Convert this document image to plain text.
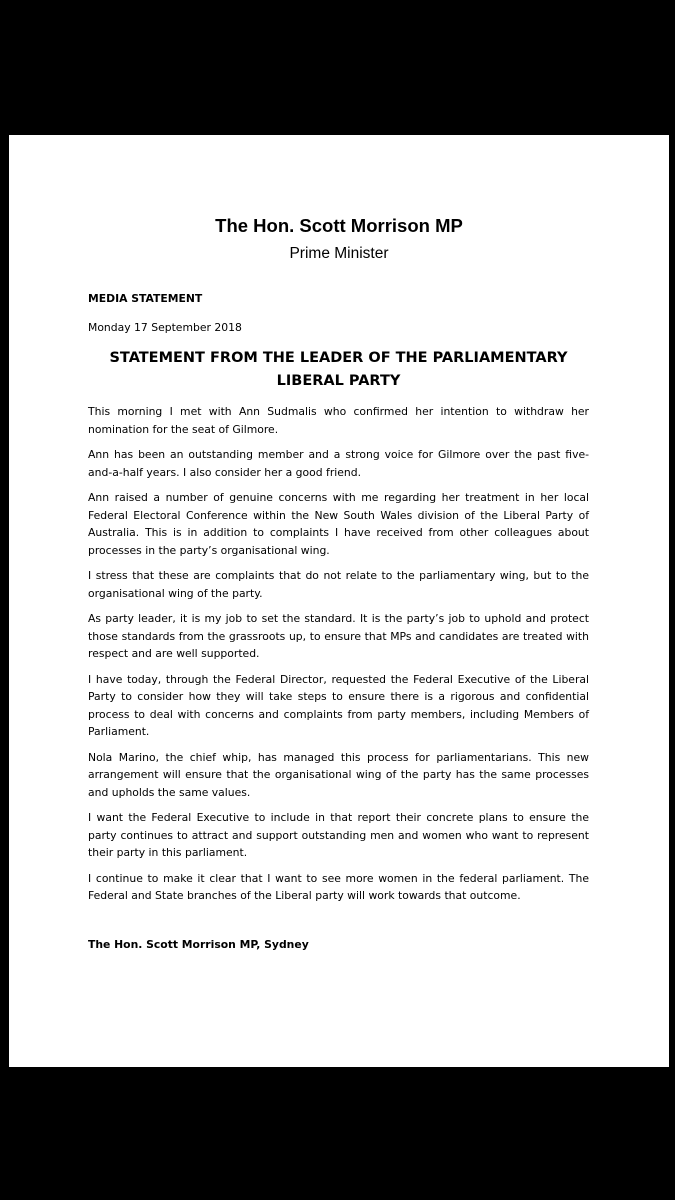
The Hon. Scott Morrison MP
Prime Minister

MEDIA STATEMENT

Monday 17 September 2018

STATEMENT FROM THE LEADER OF THE PARLIAMENTARY LIBERAL PARTY

This morning I met with Ann Sudmalis who confirmed her intention to withdraw her nomination for the seat of Gilmore.

Ann has been an outstanding member and a strong voice for Gilmore over the past five-and-a-half years. I also consider her a good friend.

Ann raised a number of genuine concerns with me regarding her treatment in her local Federal Electoral Conference within the New South Wales division of the Liberal Party of Australia. This is in addition to complaints I have received from other colleagues about processes in the party’s organisational wing.

I stress that these are complaints that do not relate to the parliamentary wing, but to the organisational wing of the party.

As party leader, it is my job to set the standard. It is the party’s job to uphold and protect those standards from the grassroots up, to ensure that MPs and candidates are treated with respect and are well supported.

I have today, through the Federal Director, requested the Federal Executive of the Liberal Party to consider how they will take steps to ensure there is a rigorous and confidential process to deal with concerns and complaints from party members, including Members of Parliament.

Nola Marino, the chief whip, has managed this process for parliamentarians. This new arrangement will ensure that the organisational wing of the party has the same processes and upholds the same values.

I want the Federal Executive to include in that report their concrete plans to ensure the party continues to attract and support outstanding men and women who want to represent their party in this parliament.

I continue to make it clear that I want to see more women in the federal parliament. The Federal and State branches of the Liberal party will work towards that outcome.

The Hon. Scott Morrison MP, Sydney
